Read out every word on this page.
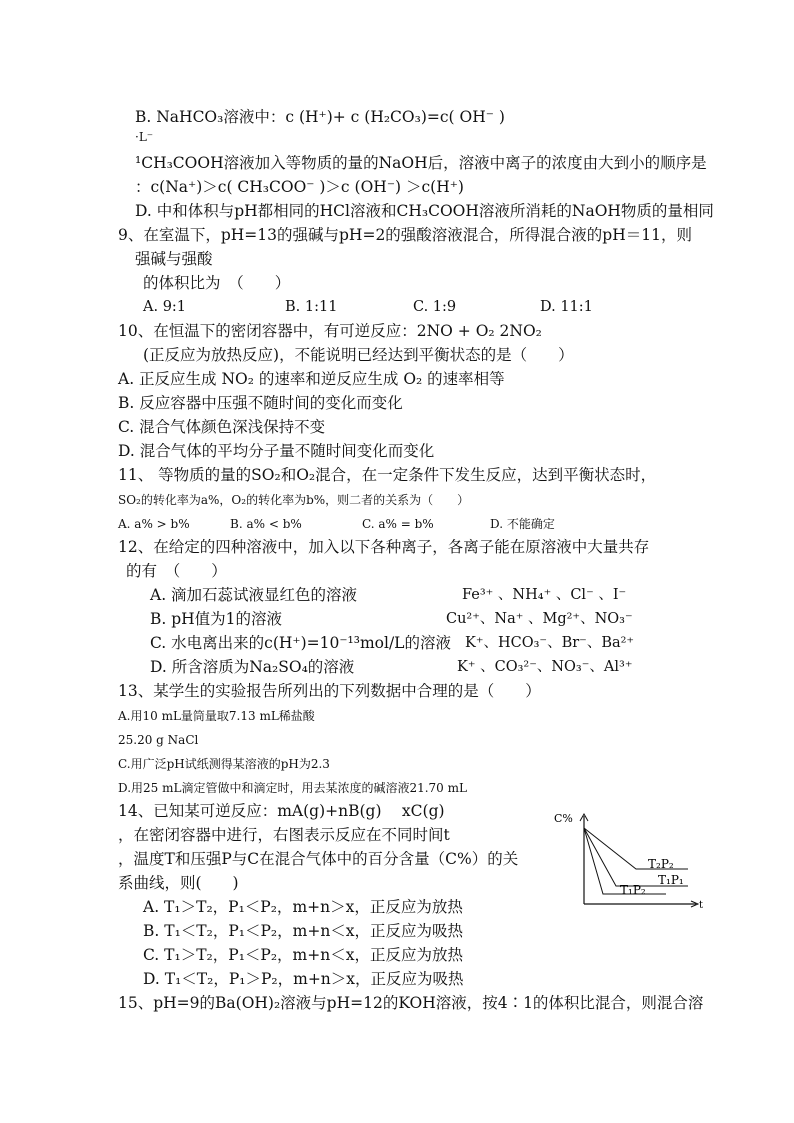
B. NaHCO₃溶液中：c (H⁺)+ c (H₂CO₃)=c( OH⁻ )
·L⁻
¹CH₃COOH溶液加入等物质的量的NaOH后，溶液中离子的浓度由大到小的顺序是
：c(Na⁺)＞c( CH₃COO⁻ )＞c (OH⁻) ＞c(H⁺)
D. 中和体积与pH都相同的HCl溶液和CH₃COOH溶液所消耗的NaOH物质的量相同
9、在室温下，pH=13的强碱与pH=2的强酸溶液混合，所得混合液的pH＝11，则
强碱与强酸
的体积比为　（　　）
A. 9:1	B. 1:11	C. 1:9	D. 11:1
10、在恒温下的密闭容器中，有可逆反应：2NO + O₂ 2NO₂
(正反应为放热反应)，不能说明已经达到平衡状态的是（　　）
A. 正反应生成 NO₂ 的速率和逆反应生成 O₂ 的速率相等
B. 反应容器中压强不随时间的变化而变化
C. 混合气体颜色深浅保持不变
D. 混合气体的平均分子量不随时间变化而变化
11、 等物质的量的SO₂和O₂混合，在一定条件下发生反应，达到平衡状态时，
SO₂的转化率为a%，O₂的转化率为b%，则二者的关系为（　　）
A. a% > b%	B. a% < b%	C. a% = b%	D. 不能确定
12、在给定的四种溶液中，加入以下各种离子，各离子能在原溶液中大量共存
的有　（　　）
A. 滴加石蕊试液显红色的溶液	Fe³⁺ 、NH₄⁺ 、Cl⁻ 、I⁻
B. pH值为1的溶液	Cu²⁺、Na⁺ 、Mg²⁺、NO₃⁻
C. 水电离出来的c(H⁺)=10⁻¹³mol/L的溶液 K⁺、HCO₃⁻、Br⁻、Ba²⁺
D. 所含溶质为Na₂SO₄的溶液	K⁺ 、CO₃²⁻、NO₃⁻、Al³⁺
13、某学生的实验报告所列出的下列数据中合理的是（　　）
A.用10 mL量筒量取7.13 mL稀盐酸
25.20 g NaCl
C.用广泛pH试纸测得某溶液的pH为2.3
D.用25 mL滴定管做中和滴定时，用去某浓度的碱溶液21.70 mL
14、已知某可逆反应：mA(g)+nB(g)　 xC(g)
，在密闭容器中进行，右图表示反应在不同时间t
，温度T和压强P与C在混合气体中的百分含量（C%）的关
系曲线，则(　　)
A. T₁＞T₂，P₁＜P₂，m+n＞x，正反应为放热
B. T₁＜T₂，P₁＜P₂，m+n＜x，正反应为吸热
C. T₁＞T₂，P₁＜P₂，m+n＜x，正反应为放热
D. T₁＜T₂，P₁＞P₂，m+n＞x，正反应为吸热
15、pH=9的Ba(OH)₂溶液与pH=12的KOH溶液，按4∶1的体积比混合，则混合溶
C%
t
T₂P₂
T₁P₁
T₁P₂
